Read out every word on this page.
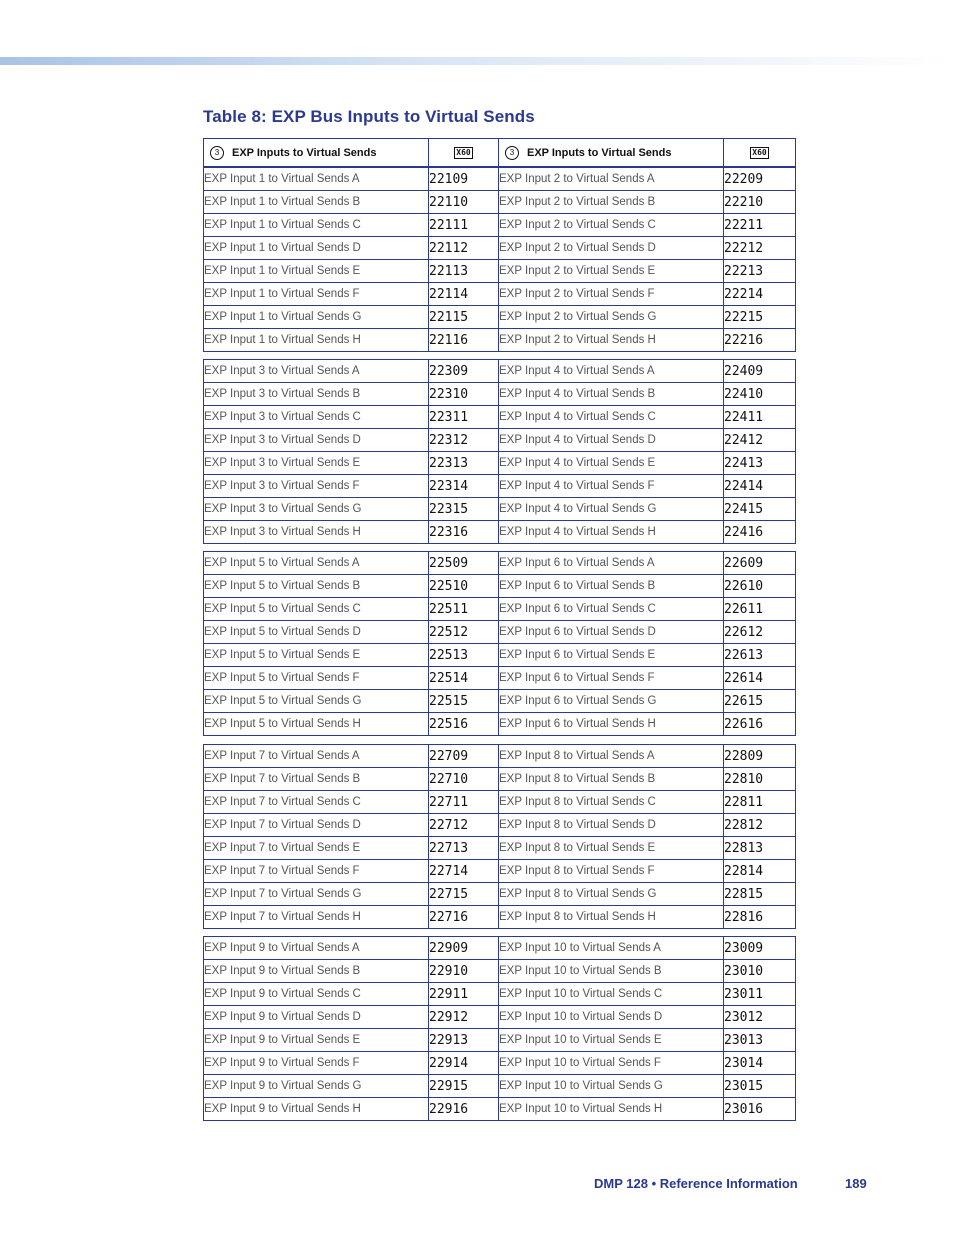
Table 8: EXP Bus Inputs to Virtual Sends
3 EXP Inputs to Virtual Sends	X60	3 EXP Inputs to Virtual Sends	X60
EXP Input 1 to Virtual Sends A	22109	EXP Input 2 to Virtual Sends A	22209
EXP Input 1 to Virtual Sends B	22110	EXP Input 2 to Virtual Sends B	22210
EXP Input 1 to Virtual Sends C	22111	EXP Input 2 to Virtual Sends C	22211
EXP Input 1 to Virtual Sends D	22112	EXP Input 2 to Virtual Sends D	22212
EXP Input 1 to Virtual Sends E	22113	EXP Input 2 to Virtual Sends E	22213
EXP Input 1 to Virtual Sends F	22114	EXP Input 2 to Virtual Sends F	22214
EXP Input 1 to Virtual Sends G	22115	EXP Input 2 to Virtual Sends G	22215
EXP Input 1 to Virtual Sends H	22116	EXP Input 2 to Virtual Sends H	22216
EXP Input 3 to Virtual Sends A	22309	EXP Input 4 to Virtual Sends A	22409
EXP Input 3 to Virtual Sends B	22310	EXP Input 4 to Virtual Sends B	22410
EXP Input 3 to Virtual Sends C	22311	EXP Input 4 to Virtual Sends C	22411
EXP Input 3 to Virtual Sends D	22312	EXP Input 4 to Virtual Sends D	22412
EXP Input 3 to Virtual Sends E	22313	EXP Input 4 to Virtual Sends E	22413
EXP Input 3 to Virtual Sends F	22314	EXP Input 4 to Virtual Sends F	22414
EXP Input 3 to Virtual Sends G	22315	EXP Input 4 to Virtual Sends G	22415
EXP Input 3 to Virtual Sends H	22316	EXP Input 4 to Virtual Sends H	22416
EXP Input 5 to Virtual Sends A	22509	EXP Input 6 to Virtual Sends A	22609
EXP Input 5 to Virtual Sends B	22510	EXP Input 6 to Virtual Sends B	22610
EXP Input 5 to Virtual Sends C	22511	EXP Input 6 to Virtual Sends C	22611
EXP Input 5 to Virtual Sends D	22512	EXP Input 6 to Virtual Sends D	22612
EXP Input 5 to Virtual Sends E	22513	EXP Input 6 to Virtual Sends E	22613
EXP Input 5 to Virtual Sends F	22514	EXP Input 6 to Virtual Sends F	22614
EXP Input 5 to Virtual Sends G	22515	EXP Input 6 to Virtual Sends G	22615
EXP Input 5 to Virtual Sends H	22516	EXP Input 6 to Virtual Sends H	22616
EXP Input 7 to Virtual Sends A	22709	EXP Input 8 to Virtual Sends A	22809
EXP Input 7 to Virtual Sends B	22710	EXP Input 8 to Virtual Sends B	22810
EXP Input 7 to Virtual Sends C	22711	EXP Input 8 to Virtual Sends C	22811
EXP Input 7 to Virtual Sends D	22712	EXP Input 8 to Virtual Sends D	22812
EXP Input 7 to Virtual Sends E	22713	EXP Input 8 to Virtual Sends E	22813
EXP Input 7 to Virtual Sends F	22714	EXP Input 8 to Virtual Sends F	22814
EXP Input 7 to Virtual Sends G	22715	EXP Input 8 to Virtual Sends G	22815
EXP Input 7 to Virtual Sends H	22716	EXP Input 8 to Virtual Sends H	22816
EXP Input 9 to Virtual Sends A	22909	EXP Input 10 to Virtual Sends A	23009
EXP Input 9 to Virtual Sends B	22910	EXP Input 10 to Virtual Sends B	23010
EXP Input 9 to Virtual Sends C	22911	EXP Input 10 to Virtual Sends C	23011
EXP Input 9 to Virtual Sends D	22912	EXP Input 10 to Virtual Sends D	23012
EXP Input 9 to Virtual Sends E	22913	EXP Input 10 to Virtual Sends E	23013
EXP Input 9 to Virtual Sends F	22914	EXP Input 10 to Virtual Sends F	23014
EXP Input 9 to Virtual Sends G	22915	EXP Input 10 to Virtual Sends G	23015
EXP Input 9 to Virtual Sends H	22916	EXP Input 10 to Virtual Sends H	23016
DMP 128 • Reference Information	189
